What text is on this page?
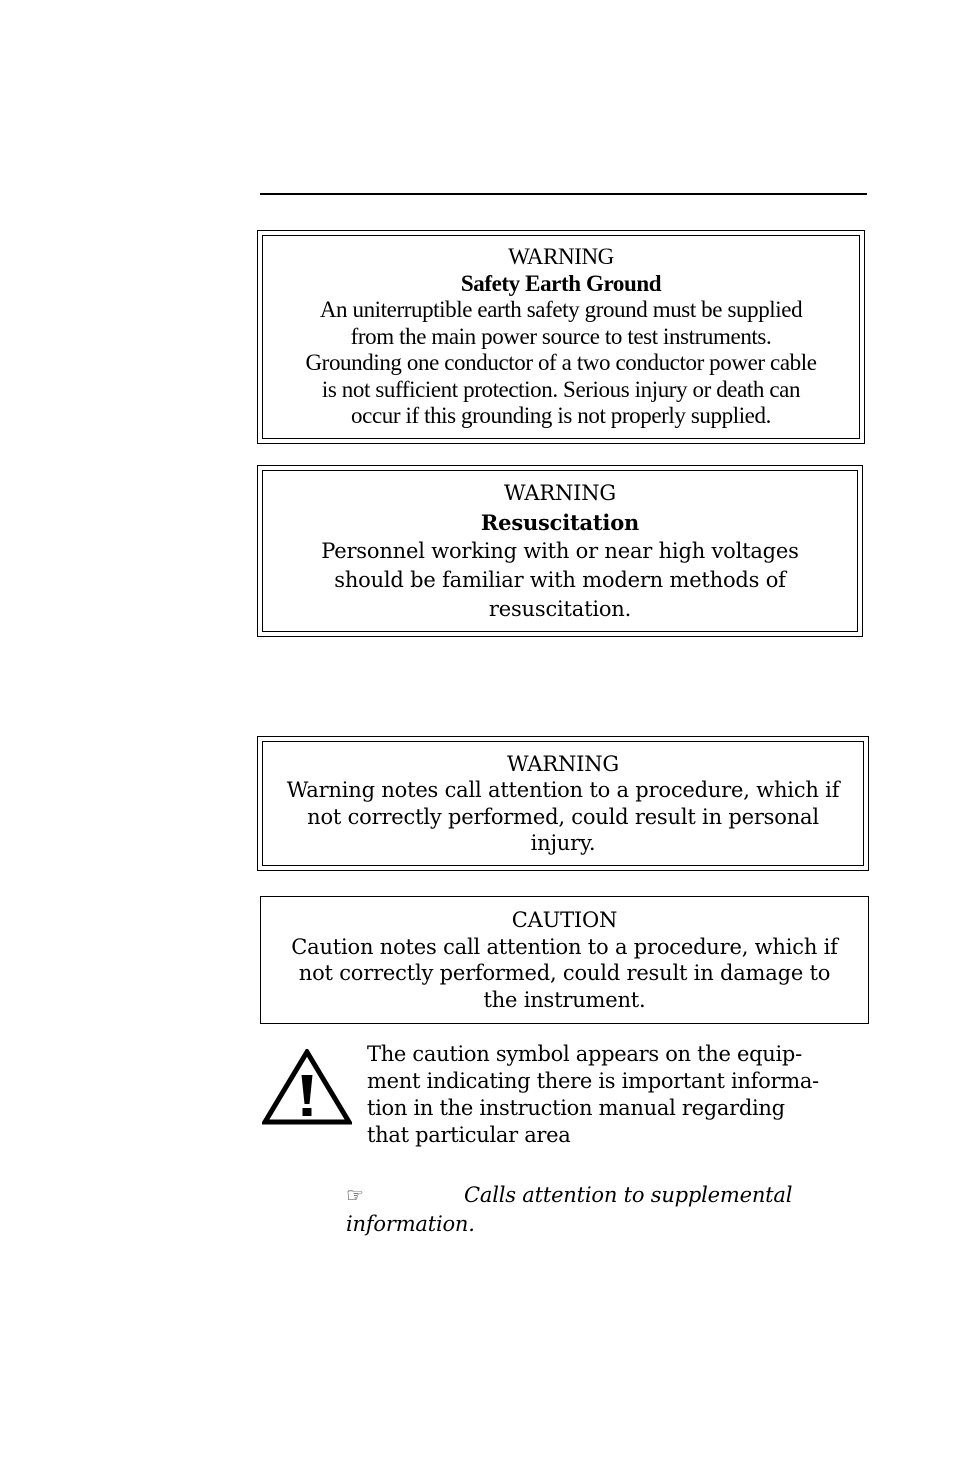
WARNING

Safety Earth Ground

An uniterruptible earth safety ground must be supplied

from the main power source to test instruments.

Grounding one conductor of a two conductor power cable

is not sufficient protection. Serious injury or death can

occur if this grounding is not properly supplied.

WARNING

Resuscitation

Personnel working with or near high voltages

should be familiar with modern methods of

resuscitation.

WARNING

Warning notes call attention to a procedure, which if

not correctly performed, could result in personal

injury.

CAUTION

Caution notes call attention to a procedure, which if

not correctly performed, could result in damage to

the instrument.

The caution symbol appears on the equip-
ment indicating there is important informa-
tion in the instruction manual regarding
that particular area

☞	Calls attention to supplemental
information.
